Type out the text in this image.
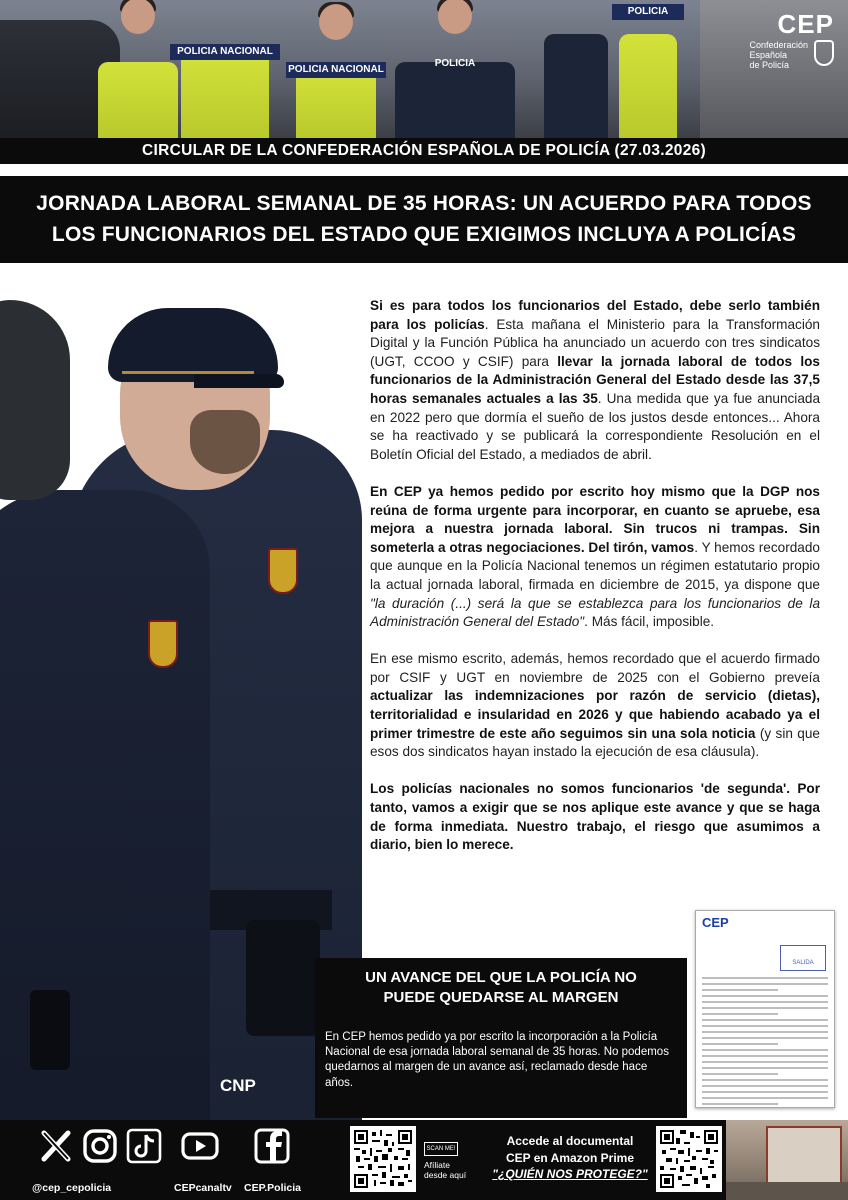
POLICIA NACIONAL
POLICIA NACIONAL
POLICIA
POLICIA	CEP
Confederación
Española
de Policía
CIRCULAR DE LA CONFEDERACIÓN ESPAÑOLA DE POLICÍA (27.03.2026)
JORNADA LABORAL SEMANAL DE 35 HORAS: UN ACUERDO PARA TODOS
LOS FUNCIONARIOS DEL ESTADO QUE EXIGIMOS INCLUYA A POLICÍAS
CNP

Si es para todos los funcionarios del Estado, debe serlo también para los policías. Esta mañana el Ministerio para la Transformación Digital y la Función Pública ha anunciado un acuerdo con tres sindicatos (UGT, CCOO y CSIF) para llevar la jornada laboral de todos los funcionarios de la Administración General del Estado desde las 37,5 horas semanales actuales a las 35. Una medida que ya fue anunciada en 2022 pero que dormía el sueño de los justos desde entonces... Ahora se ha reactivado y se publicará la correspondiente Resolución en el Boletín Oficial del Estado, a mediados de abril.

En CEP ya hemos pedido por escrito hoy mismo que la DGP nos reúna de forma urgente para incorporar, en cuanto se apruebe, esa mejora a nuestra jornada laboral. Sin trucos ni trampas. Sin someterla a otras negociaciones. Del tirón, vamos. Y hemos recordado que aunque en la Policía Nacional tenemos un régimen estatutario propio la actual jornada laboral, firmada en diciembre de 2015, ya dispone que "la duración (...) será la que se establezca para los funcionarios de la Administración General del Estado". Más fácil, imposible.

En ese mismo escrito, además, hemos recordado que el acuerdo firmado por CSIF y UGT en noviembre de 2025 con el Gobierno preveía actualizar las indemnizaciones por razón de servicio (dietas), territorialidad e insularidad en 2026 y que habiendo acabado ya el primer trimestre de este año seguimos sin una sola noticia (y sin que esos dos sindicatos hayan instado la ejecución de esa cláusula).

Los policías nacionales no somos funcionarios 'de segunda'. Por tanto, vamos a exigir que se nos aplique este avance y que se haga de forma inmediata. Nuestro trabajo, el riesgo que asumimos a diario, bien lo merece.

CEP

SALIDA
UN AVANCE DEL QUE LA POLICÍA NO
PUEDE QUEDARSE AL MARGEN
En CEP hemos pedido ya por escrito la incorporación a la Policía Nacional de esa jornada laboral semanal de 35 horas. No podemos quedarnos al margen de un avance así, reclamado desde hace años.
@cep_cepolicia	CEPcanaltv CEP.Policia
SCAN ME!
Afíliate
desde aquí
Accede al documental
CEP en Amazon Prime
"¿QUIÉN NOS PROTEGE?"
